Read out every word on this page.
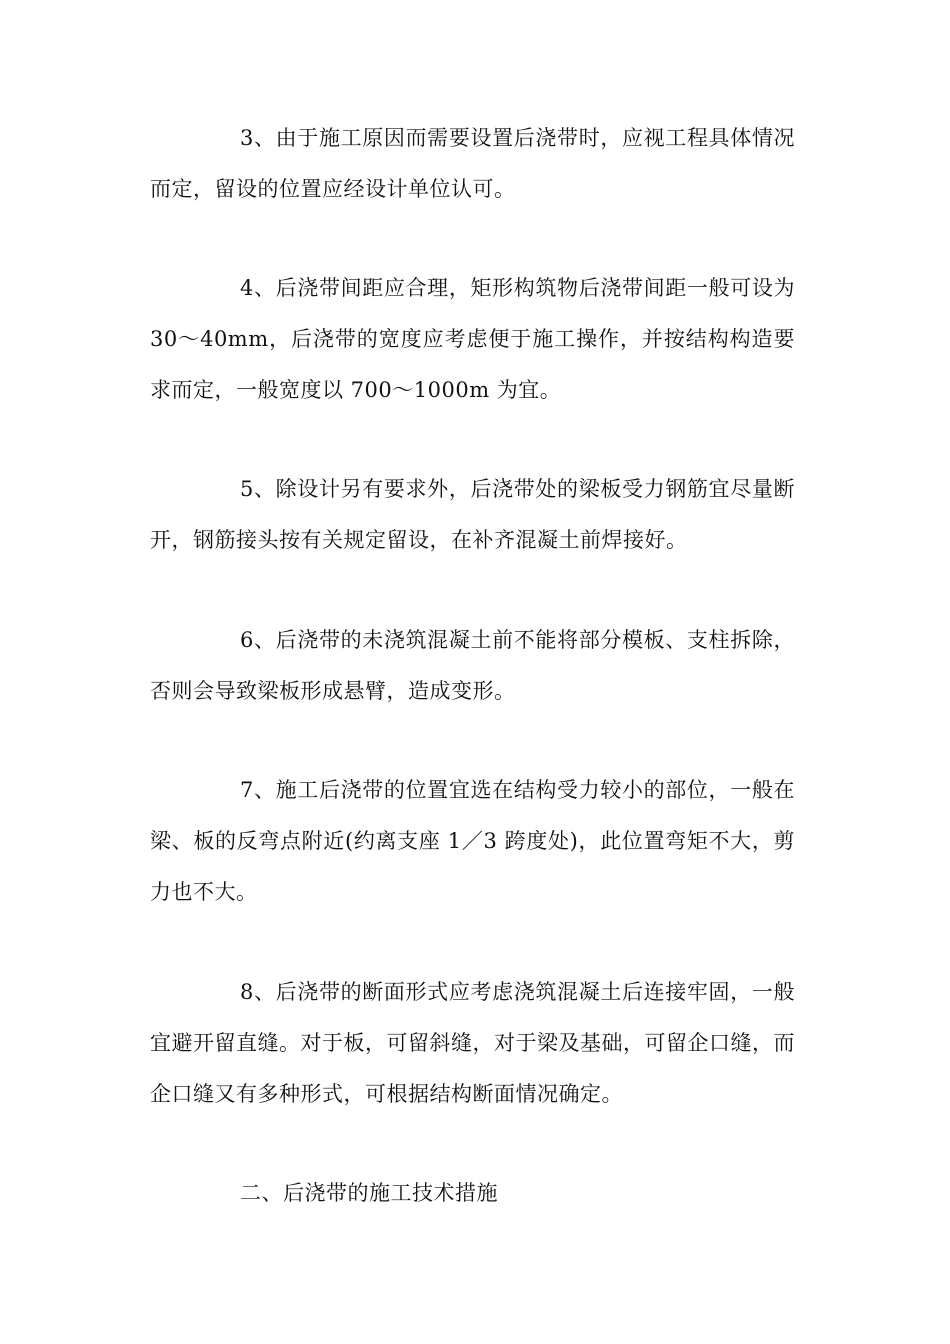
3、由于施工原因而需要设置后浇带时，应视工程具体情况而定，留设的位置应经设计单位认可。

4、后浇带间距应合理，矩形构筑物后浇带间距一般可设为 30～40mm，后浇带的宽度应考虑便于施工操作，并按结构构造要求而定，一般宽度以 700～1000m 为宜。

5、除设计另有要求外，后浇带处的梁板受力钢筋宜尽量断开，钢筋接头按有关规定留设，在补齐混凝土前焊接好。

6、后浇带的未浇筑混凝土前不能将部分模板、支柱拆除，否则会导致梁板形成悬臂，造成变形。

7、施工后浇带的位置宜选在结构受力较小的部位，一般在梁、板的反弯点附近(约离支座 1／3 跨度处)，此位置弯矩不大，剪力也不大。

8、后浇带的断面形式应考虑浇筑混凝土后连接牢固，一般宜避开留直缝。对于板，可留斜缝，对于梁及基础，可留企口缝，而企口缝又有多种形式，可根据结构断面情况确定。

二、后浇带的施工技术措施
